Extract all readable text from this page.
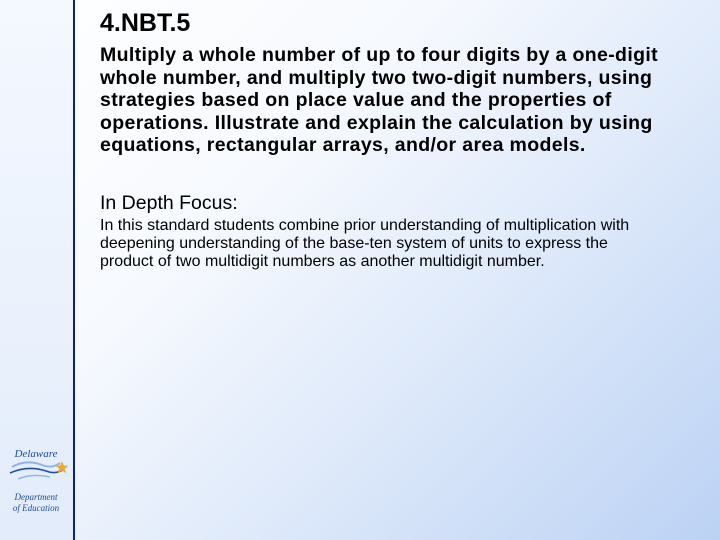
Delaware
Department
of Education
4.NBT.5

Multiply a whole number of up to four digits by a one-digit whole number, and multiply two two-digit numbers, using strategies based on place value and the properties of operations. Illustrate and explain the calculation by using equations, rectangular arrays, and/or area models.

In Depth Focus:

In this standard students combine prior understanding of multiplication with deepening understanding of the base-ten system of units to express the product of two multidigit numbers as another multidigit number.
